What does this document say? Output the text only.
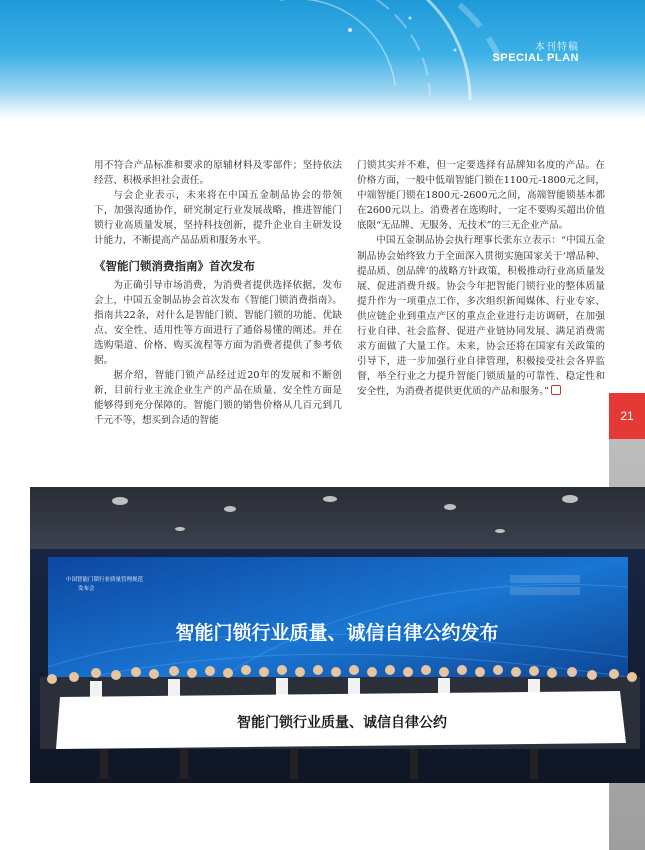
本刊特稿
SPECIAL PLAN

用不符合产品标准和要求的原辅材料及零部件；坚持依法经营、积极承担社会责任。

与会企业表示，未来将在中国五金制品协会的带领下，加强沟通协作，研究制定行业发展战略，推进智能门锁行业高质量发展，坚持科技创新，提升企业自主研发设计能力，不断提高产品品质和服务水平。

《智能门锁消费指南》首次发布

为正确引导市场消费，为消费者提供选择依据，发布会上，中国五金制品协会首次发布《智能门锁消费指南》。指南共22条，对什么是智能门锁、智能门锁的功能、优缺点、安全性、适用性等方面进行了通俗易懂的阐述。并在选购渠道、价格、购买流程等方面为消费者提供了参考依据。

据介绍，智能门锁产品经过近20年的发展和不断创新，目前行业主流企业生产的产品在质量、安全性方面是能够得到充分保障的。智能门锁的销售价格从几百元到几千元不等，想买到合适的智能

门锁其实并不难，但一定要选择有品牌知名度的产品。在价格方面，一般中低端智能门锁在1100元-1800元之间，中端智能门锁在1800元-2600元之间，高端智能锁基本都在2600元以上。消费者在选购时，一定不要购买超出价值底限“无品牌、无服务、无技术”的三无企业产品。

中国五金制品协会执行理事长张东立表示：“中国五金制品协会始终致力于全面深入贯彻实施国家关于‘增品种、提品质、创品牌’的战略方针政策，积极推动行业高质量发展、促进消费升级。协会今年把智能门锁行业的整体质量提升作为一项重点工作，多次组织新闻媒体、行业专家、供应链企业到重点产区的重点企业进行走访调研，在加强行业自律、社会监督、促进产业链协同发展、满足消费需求方面做了大量工作。未来，协会还将在国家有关政策的引导下，进一步加强行业自律管理，积极接受社会各界监督，举全行业之力提升智能门锁质量的可靠性、稳定性和安全性，为消费者提供更优质的产品和服务。”

21
中国智能门锁行业质量管理规范
发布会
智能门锁行业质量、诚信自律公约发布
智能门锁行业质量、诚信自律公约
